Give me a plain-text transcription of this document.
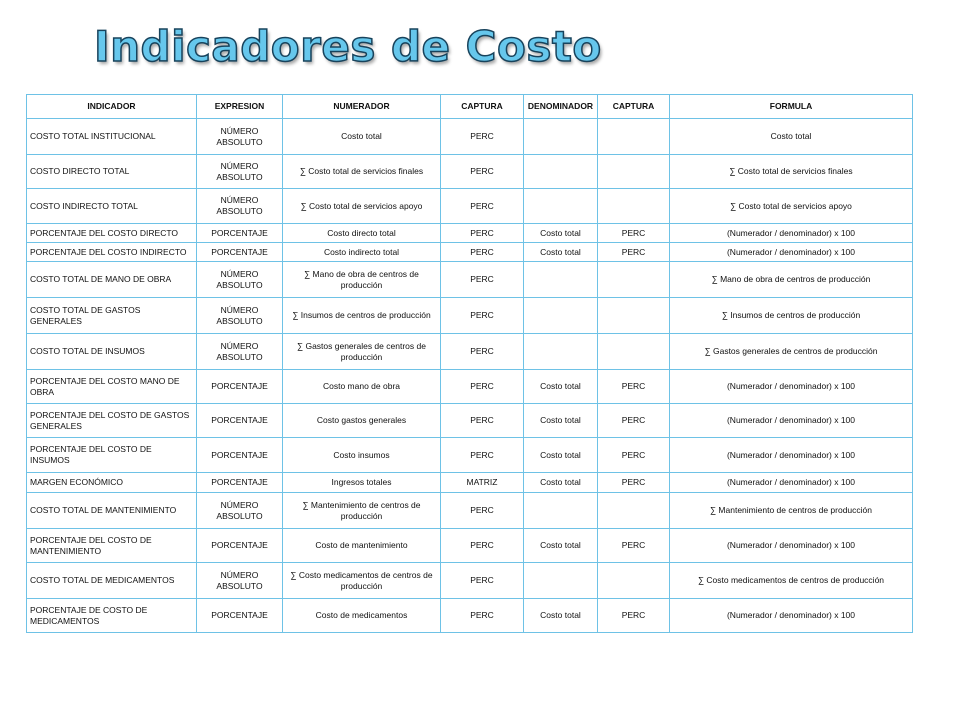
Indicadores de Costo
INDICADOR	EXPRESION	NUMERADOR	CAPTURA	DENOMINADOR	CAPTURA	FORMULA
COSTO TOTAL INSTITUCIONAL	NÚMERO ABSOLUTO	Costo total	PERC			Costo total
COSTO DIRECTO TOTAL	NÚMERO ABSOLUTO	∑ Costo total de servicios finales	PERC			∑ Costo total de servicios finales
COSTO INDIRECTO TOTAL	NÚMERO ABSOLUTO	∑ Costo total de servicios apoyo	PERC			∑ Costo total de servicios apoyo
PORCENTAJE DEL COSTO DIRECTO	PORCENTAJE	Costo directo total	PERC	Costo total	PERC	(Numerador / denominador) x 100
PORCENTAJE DEL COSTO INDIRECTO	PORCENTAJE	Costo indirecto total	PERC	Costo total	PERC	(Numerador / denominador) x 100
COSTO TOTAL DE MANO DE OBRA	NÚMERO ABSOLUTO	∑ Mano de obra de centros de producción	PERC			∑ Mano de obra de centros de producción
COSTO TOTAL DE GASTOS GENERALES	NÚMERO ABSOLUTO	∑ Insumos de centros de producción	PERC			∑ Insumos de centros de producción
COSTO TOTAL DE INSUMOS	NÚMERO ABSOLUTO	∑ Gastos generales de centros de producción	PERC			∑ Gastos generales de centros de producción
PORCENTAJE DEL COSTO MANO DE OBRA	PORCENTAJE	Costo mano de obra	PERC	Costo total	PERC	(Numerador / denominador) x 100
PORCENTAJE DEL COSTO DE GASTOS GENERALES	PORCENTAJE	Costo gastos generales	PERC	Costo total	PERC	(Numerador / denominador) x 100
PORCENTAJE DEL COSTO DE INSUMOS	PORCENTAJE	Costo insumos	PERC	Costo total	PERC	(Numerador / denominador) x 100
MARGEN ECONÓMICO	PORCENTAJE	Ingresos totales	MATRIZ	Costo total	PERC	(Numerador / denominador) x 100
COSTO TOTAL DE MANTENIMIENTO	NÚMERO ABSOLUTO	∑ Mantenimiento de centros de producción	PERC			∑ Mantenimiento de centros de producción
PORCENTAJE DEL COSTO DE MANTENIMIENTO	PORCENTAJE	Costo de mantenimiento	PERC	Costo total	PERC	(Numerador / denominador) x 100
COSTO TOTAL DE MEDICAMENTOS	NÚMERO ABSOLUTO	∑ Costo medicamentos de centros de producción	PERC			∑ Costo medicamentos de centros de producción
PORCENTAJE DE COSTO DE MEDICAMENTOS	PORCENTAJE	Costo de medicamentos	PERC	Costo total	PERC	(Numerador / denominador) x 100
